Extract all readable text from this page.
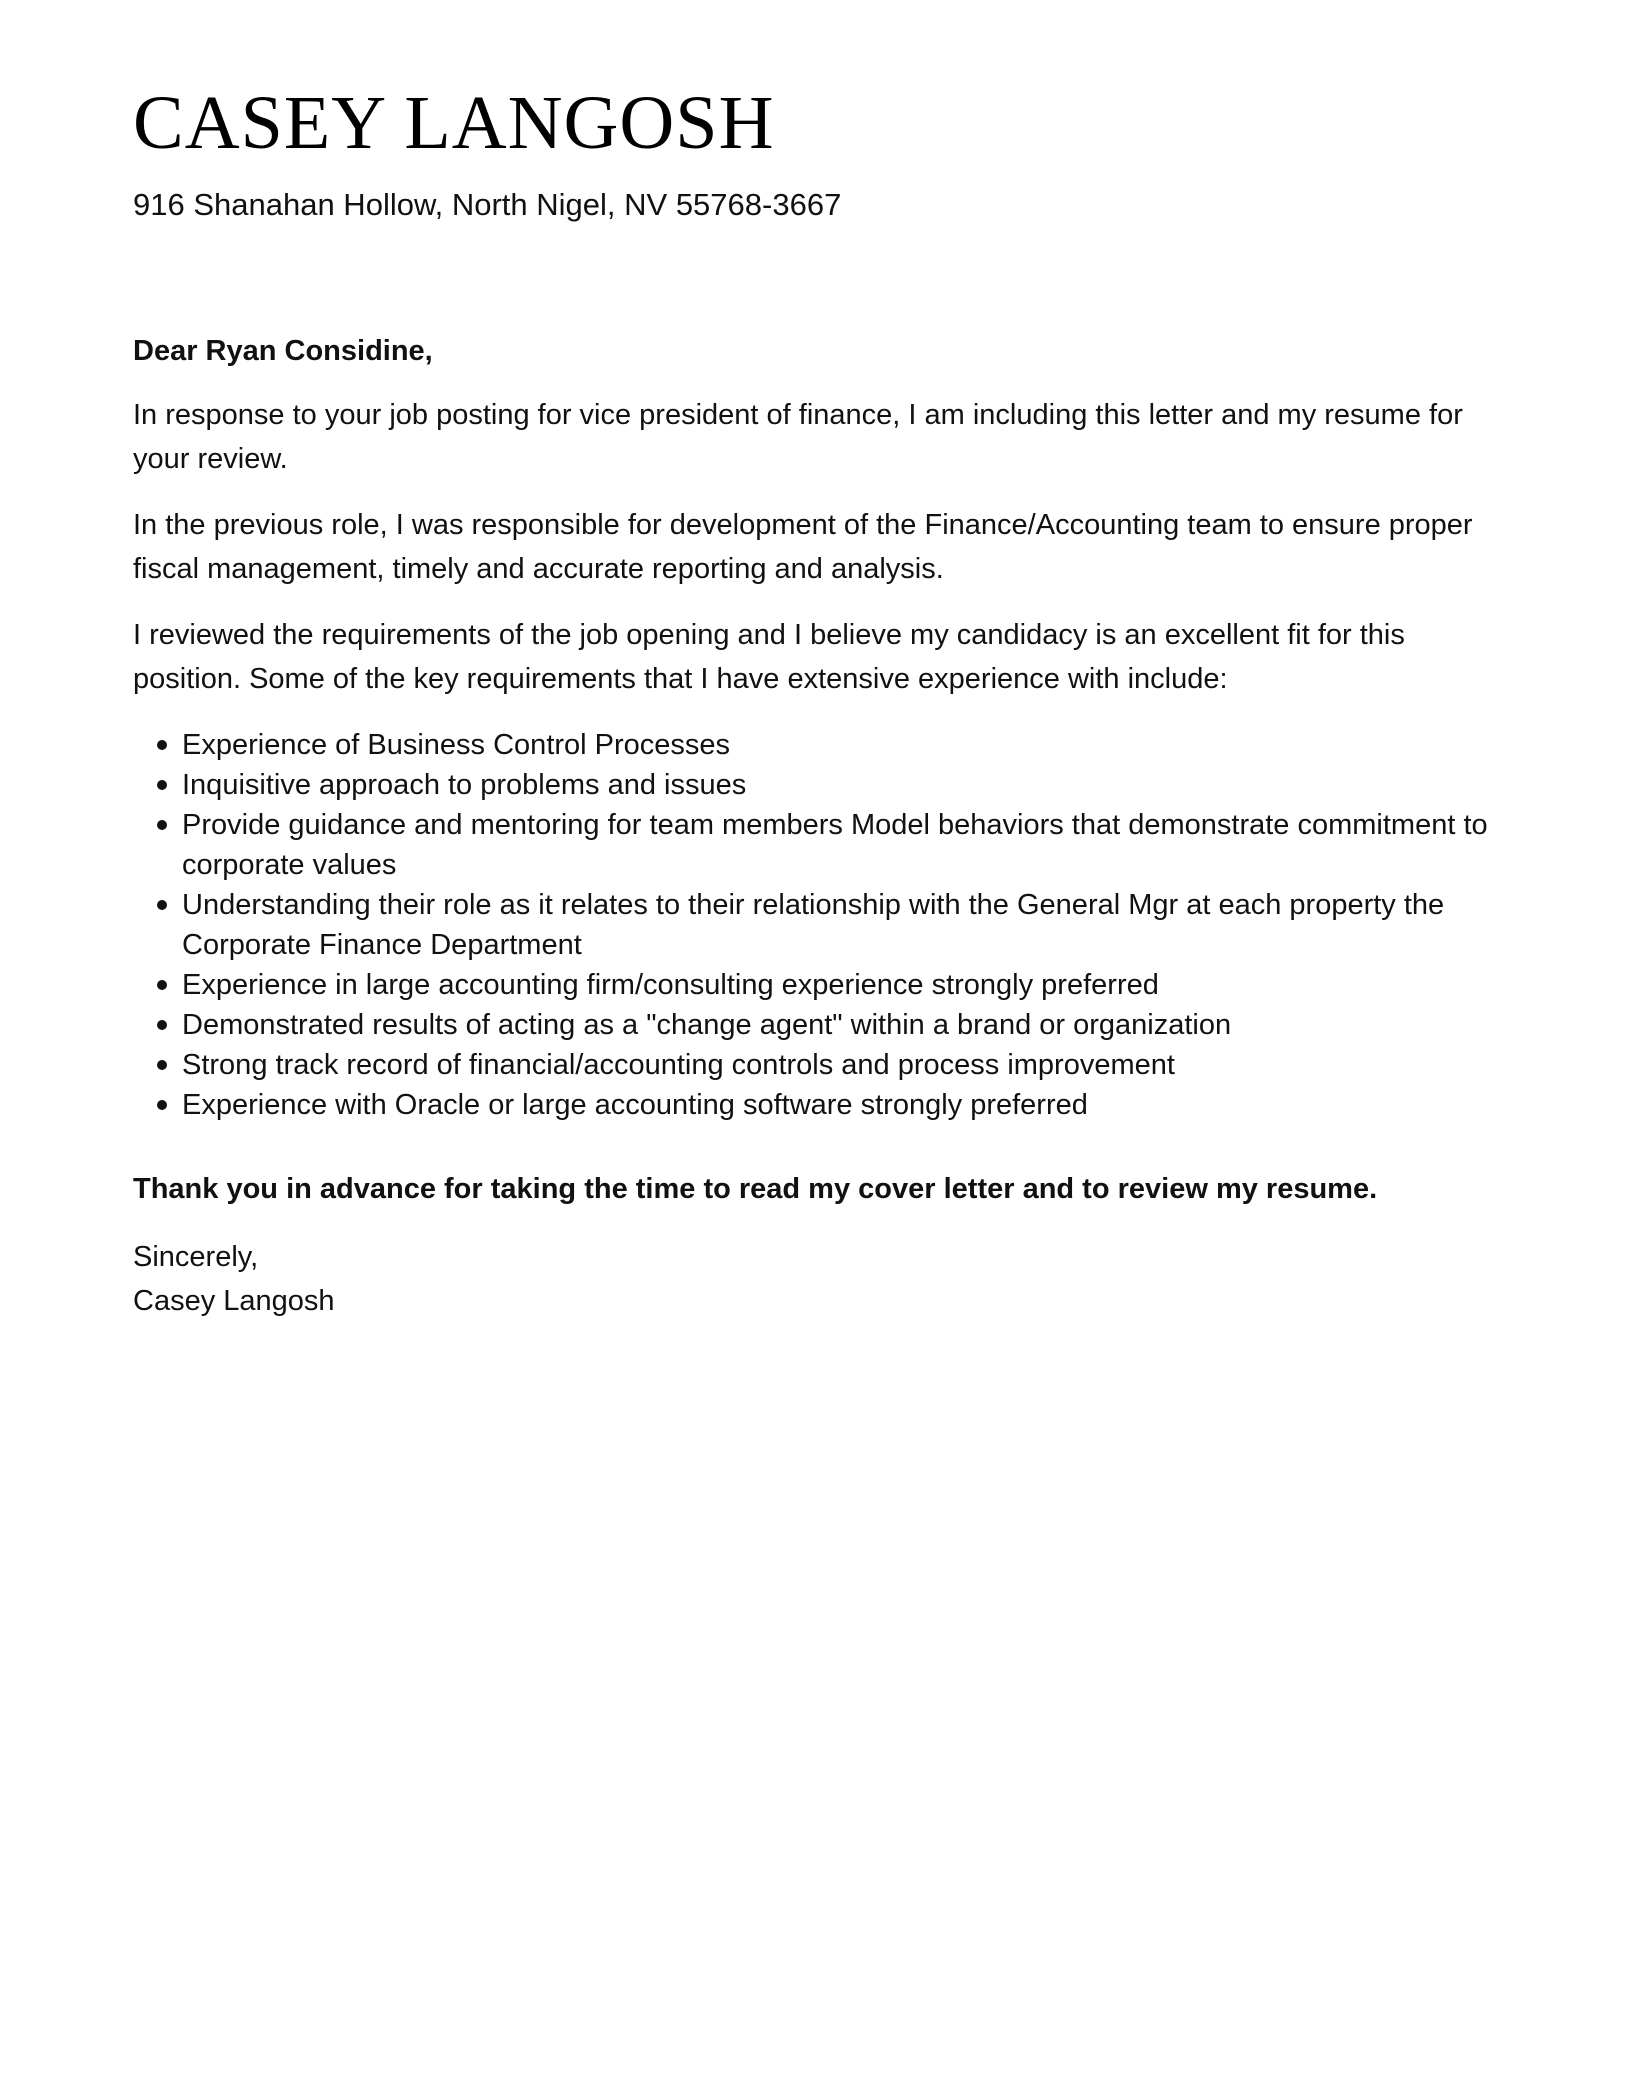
CASEY LANGOSH

916 Shanahan Hollow, North Nigel, NV 55768-3667

Dear Ryan Considine,

In response to your job posting for vice president of finance, I am including this letter and my resume for your review.

In the previous role, I was responsible for development of the Finance/Accounting team to ensure proper fiscal management, timely and accurate reporting and analysis.

I reviewed the requirements of the job opening and I believe my candidacy is an excellent fit for this position. Some of the key requirements that I have extensive experience with include:

Experience of Business Control Processes
Inquisitive approach to problems and issues
Provide guidance and mentoring for team members Model behaviors that demonstrate commitment to corporate values
Understanding their role as it relates to their relationship with the General Mgr at each property the Corporate Finance Department
Experience in large accounting firm/consulting experience strongly preferred
Demonstrated results of acting as a "change agent" within a brand or organization
Strong track record of financial/accounting controls and process improvement
Experience with Oracle or large accounting software strongly preferred

Thank you in advance for taking the time to read my cover letter and to review my resume.

Sincerely,
Casey Langosh
